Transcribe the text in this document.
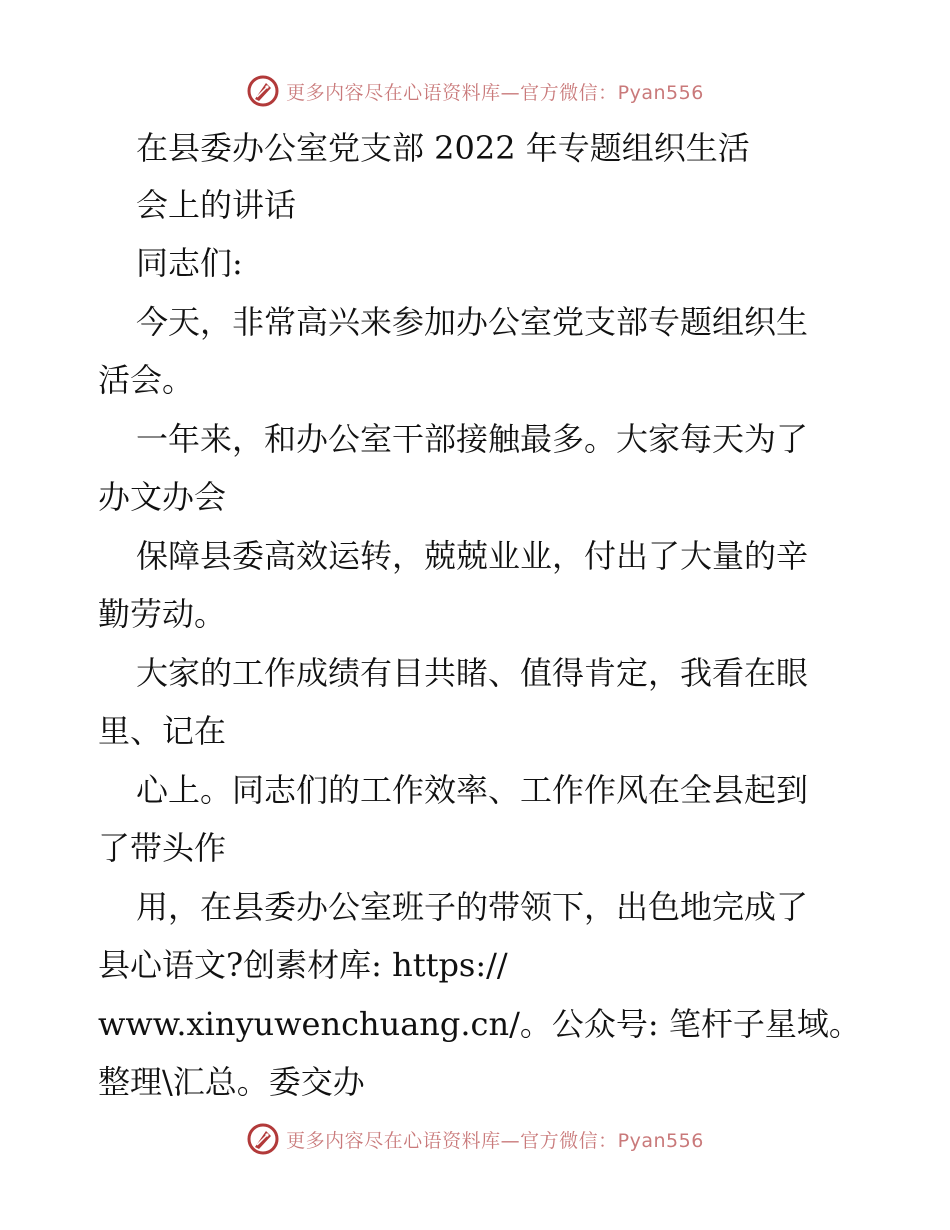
更多内容尽在心语资料库—官方微信：Pyan556
在县委办公室党支部 2022 年专题组织生活
会上的讲话
同志们:
今天，非常高兴来参加办公室党支部专题组织生
活会。
一年来，和办公室干部接触最多。大家每天为了
办文办会
保障县委高效运转，兢兢业业，付出了大量的辛
勤劳动。
大家的工作成绩有目共睹、值得肯定，我看在眼
里、记在
心上。同志们的工作效率、工作作风在全县起到
了带头作
用，在县委办公室班子的带领下，出色地完成了
县心语文?创素材库: https://
www.xinyuwenchuang.cn/。公众号: 笔杆子星域。
整理\汇总。委交办
更多内容尽在心语资料库—官方微信：Pyan556
